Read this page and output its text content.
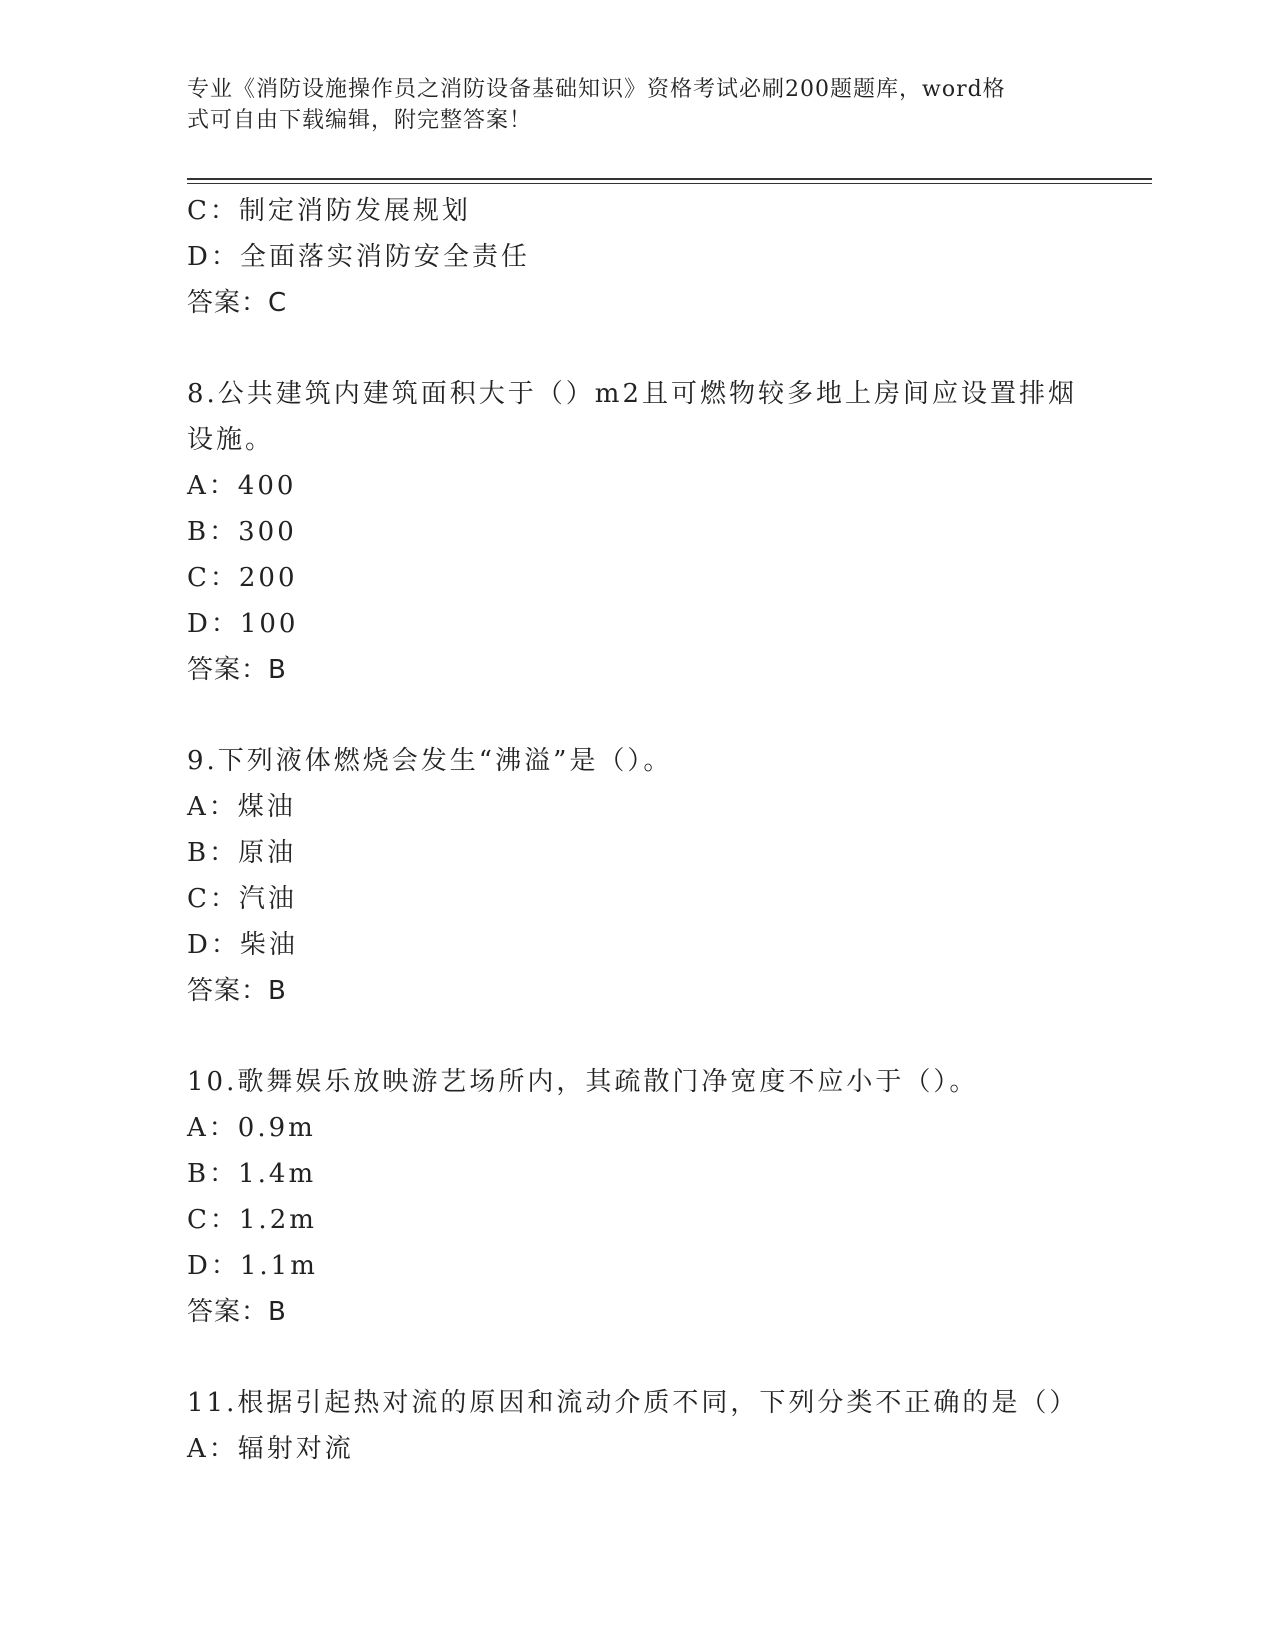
专业《消防设施操作员之消防设备基础知识》资格考试必刷200题题库，word格
式可自由下载编辑，附完整答案！
C：制定消防发展规划
D：全面落实消防安全责任
答案：C
8.公共建筑内建筑面积大于（）m2且可燃物较多地上房间应设置排烟
设施。
A：400
B：300
C：200
D：100
答案：B
9.下列液体燃烧会发生“沸溢”是（）。
A：煤油
B：原油
C：汽油
D：柴油
答案：B
10.歌舞娱乐放映游艺场所内，其疏散门净宽度不应小于（）。
A：0.9m
B：1.4m
C：1.2m
D：1.1m
答案：B
11.根据引起热对流的原因和流动介质不同，下列分类不正确的是（）
A：辐射对流
